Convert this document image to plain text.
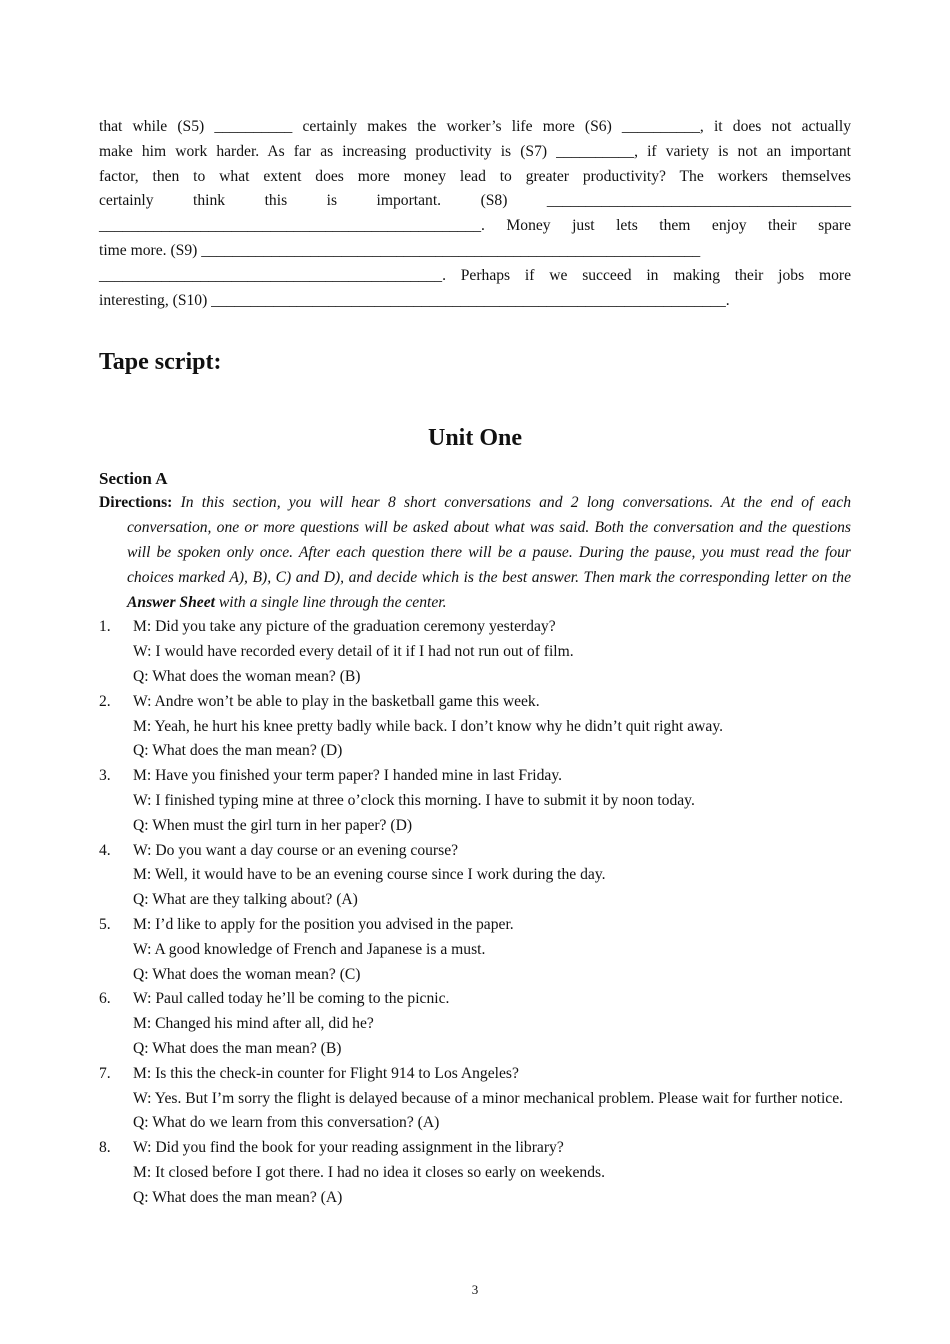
that while (S5) __________ certainly makes the worker’s life more (S6) __________, it does not actually
make him work harder. As far as increasing productivity is (S7) __________, if variety is not an important
factor, then to what extent does more money lead to greater productivity? The workers themselves
certainly think this is important. (S8) _______________________________________
_________________________________________________. Money just lets them enjoy their spare
time more. (S9) ________________________________________________________________
____________________________________________. Perhaps if we succeed in making their jobs more
interesting, (S10) __________________________________________________________________.
Tape script:
Unit One
Section A

Directions: In this section, you will hear 8 short conversations and 2 long conversations. At the end of each conversation, one or more questions will be asked about what was said. Both the conversation and the questions will be spoken only once. After each question there will be a pause. During the pause, you must read the four choices marked A), B), C) and D), and decide which is the best answer. Then mark the corresponding letter on the Answer Sheet with a single line through the center.

1. M: Did you take any picture of the graduation ceremony yesterday?
W: I would have recorded every detail of it if I had not run out of film.
Q: What does the woman mean? (B)
2. W: Andre won’t be able to play in the basketball game this week.
M: Yeah, he hurt his knee pretty badly while back. I don’t know why he didn’t quit right away.
Q: What does the man mean? (D)
3. M: Have you finished your term paper? I handed mine in last Friday.
W: I finished typing mine at three o’clock this morning. I have to submit it by noon today.
Q: When must the girl turn in her paper? (D)
4. W: Do you want a day course or an evening course?
M: Well, it would have to be an evening course since I work during the day.
Q: What are they talking about? (A)
5. M: I’d like to apply for the position you advised in the paper.
W: A good knowledge of French and Japanese is a must.
Q: What does the woman mean? (C)
6. W: Paul called today he’ll be coming to the picnic.
M: Changed his mind after all, did he?
Q: What does the man mean? (B)
7. M: Is this the check-in counter for Flight 914 to Los Angeles?
W: Yes. But I’m sorry the flight is delayed because of a minor mechanical problem. Please wait for further notice.
Q: What do we learn from this conversation? (A)
8. W: Did you find the book for your reading assignment in the library?
M: It closed before I got there. I had no idea it closes so early on weekends.
Q: What does the man mean? (A)
3
